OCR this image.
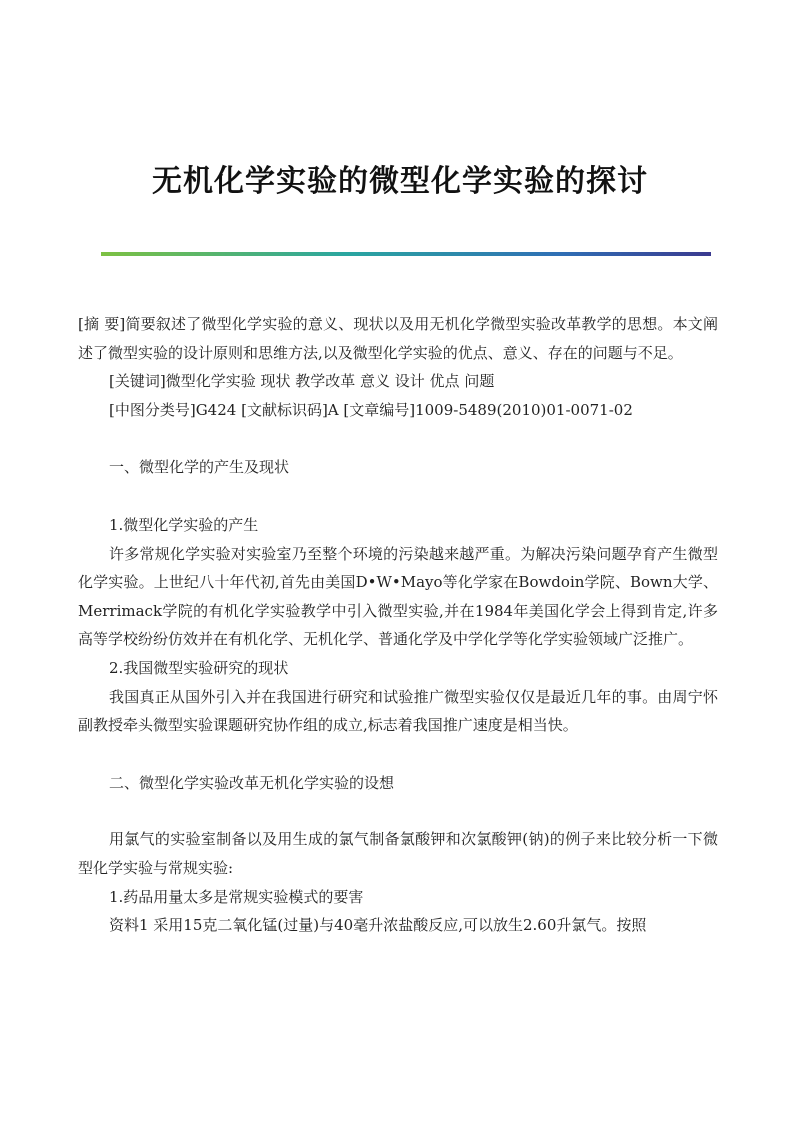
无机化学实验的微型化学实验的探讨

[摘 要]简要叙述了微型化学实验的意义、现状以及用无机化学微型实验改革教学的思想。本文阐述了微型实验的设计原则和思维方法,以及微型化学实验的优点、意义、存在的问题与不足。

[关键词]微型化学实验 现状 教学改革 意义 设计 优点 问题

[中图分类号]G424 [文献标识码]A [文章编号]1009-5489(2010)01-0071-02

一、微型化学的产生及现状

1.微型化学实验的产生

许多常规化学实验对实验室乃至整个环境的污染越来越严重。为解决污染问题孕育产生微型化学实验。上世纪八十年代初,首先由美国D•W•Mayo等化学家在Bowdoin学院、Bown大学、Merrimack学院的有机化学实验教学中引入微型实验,并在1984年美国化学会上得到肯定,许多高等学校纷纷仿效并在有机化学、无机化学、普通化学及中学化学等化学实验领域广泛推广。

2.我国微型实验研究的现状

我国真正从国外引入并在我国进行研究和试验推广微型实验仅仅是最近几年的事。由周宁怀副教授牵头微型实验课题研究协作组的成立,标志着我国推广速度是相当快。

二、微型化学实验改革无机化学实验的设想

用氯气的实验室制备以及用生成的氯气制备氯酸钾和次氯酸钾(钠)的例子来比较分析一下微型化学实验与常规实验:

1.药品用量太多是常规实验模式的要害

资料1 采用15克二氧化锰(过量)与40毫升浓盐酸反应,可以放生2.60升氯气。按照
